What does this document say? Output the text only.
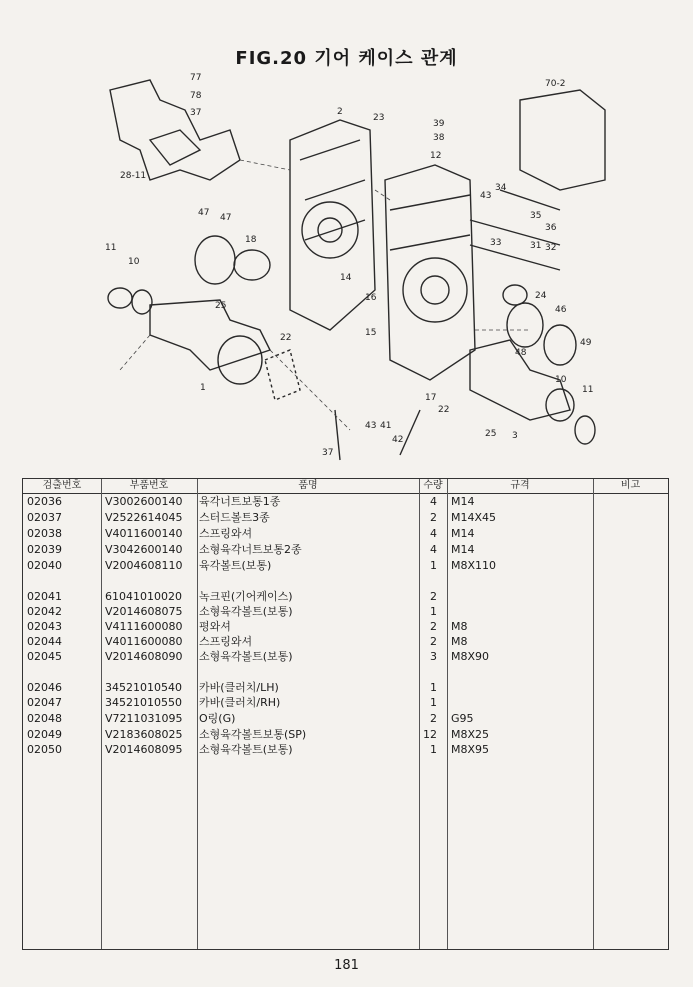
FIG.20 기어 케이스 관계
77
78
37
70-2
2
23
39
38
12
28-11
47 47
18
11
10
25
22
1
43
34
35
36
31 32
33
24
46
49
48
10
11
14
16
15
17
22
3
25
42
41
43
37
검출번호	부품번호	품명	수량	규격	비고
02036	V3002600140 육각너트보통1종	4 M14
02037	V2522614045 스터드볼트3종	2 M14X45
02038	V4011600140 스프링와셔	4 M14
02039	V3042600140 소형육각너트보통2종	4 M14
02040	V2004608110 육각볼트(보통)	1 M8X110
02041	61041010020 녹크핀(기어케이스)	2
02042	V2014608075 소형육각볼트(보통)	1
02043	V4111600080 평와셔	2 M8
02044	V4011600080 스프링와셔	2 M8
02045	V2014608090 소형육각볼트(보통)	3 M8X90
02046	34521010540 카바(클러치/LH)	1
02047	34521010550 카바(클러치/RH)	1
02048	V7211031095 O링(G)	2 G95
02049	V2183608025 소형육각볼트보통(SP)	12 M8X25
02050	V2014608095 소형육각볼트(보통)	1 M8X95
181
